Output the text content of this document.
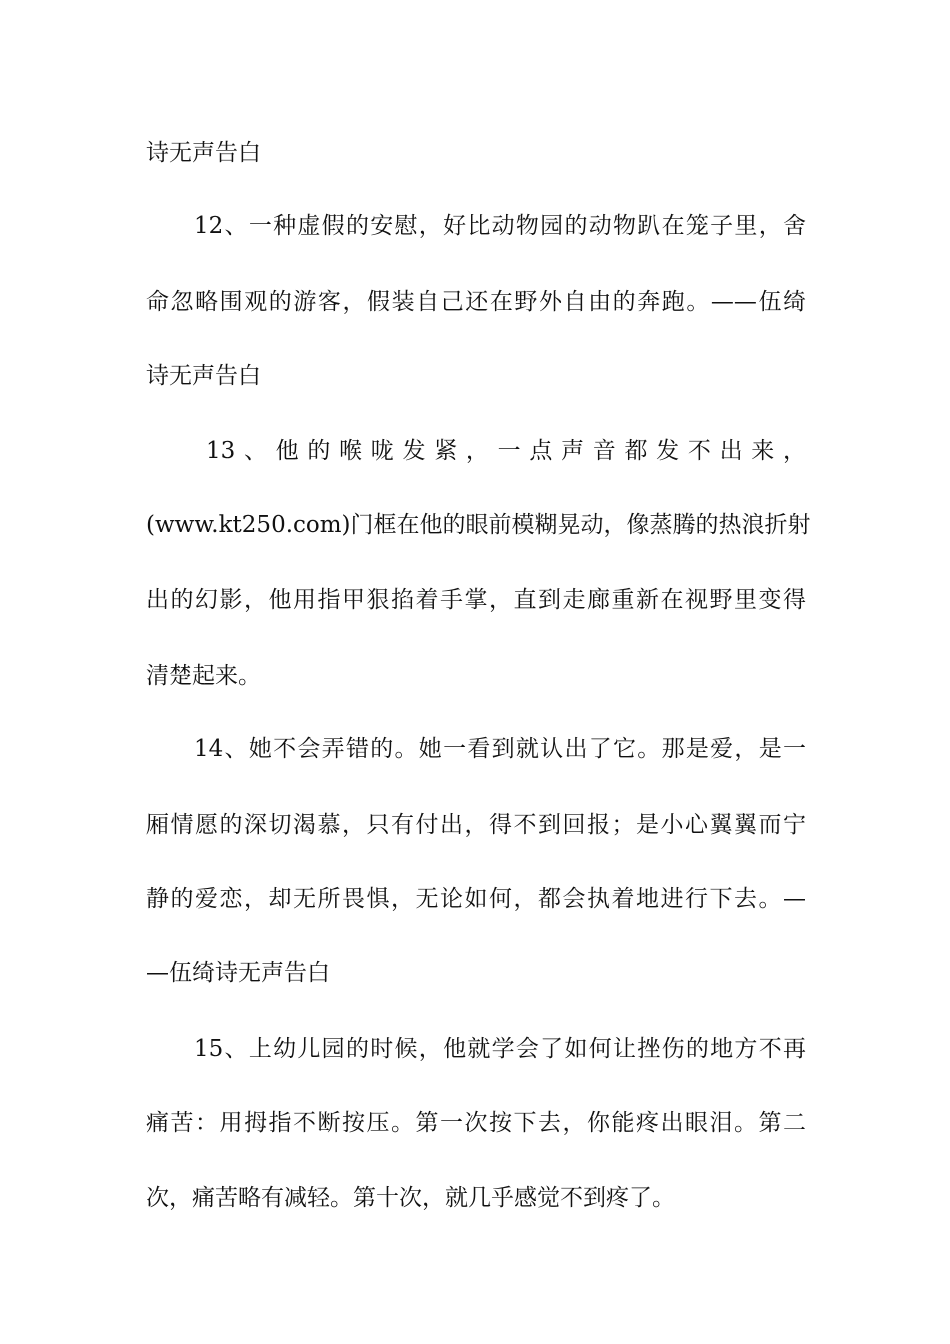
诗无声告白
12、一种虚假的安慰，好比动物园的动物趴在笼子里，舍
命忽略围观的游客，假装自己还在野外自由的奔跑。——伍绮
诗无声告白
13、他的喉咙发紧，一点声音都发不出来，
(www.kt250.com)门框在他的眼前模糊晃动，像蒸腾的热浪折射
出的幻影，他用指甲狠掐着手掌，直到走廊重新在视野里变得
清楚起来。
14、她不会弄错的。她一看到就认出了它。那是爱，是一
厢情愿的深切渴慕，只有付出，得不到回报；是小心翼翼而宁
静的爱恋，却无所畏惧，无论如何，都会执着地进行下去。—
—伍绮诗无声告白
15、上幼儿园的时候，他就学会了如何让挫伤的地方不再
痛苦：用拇指不断按压。第一次按下去，你能疼出眼泪。第二
次，痛苦略有减轻。第十次，就几乎感觉不到疼了。
